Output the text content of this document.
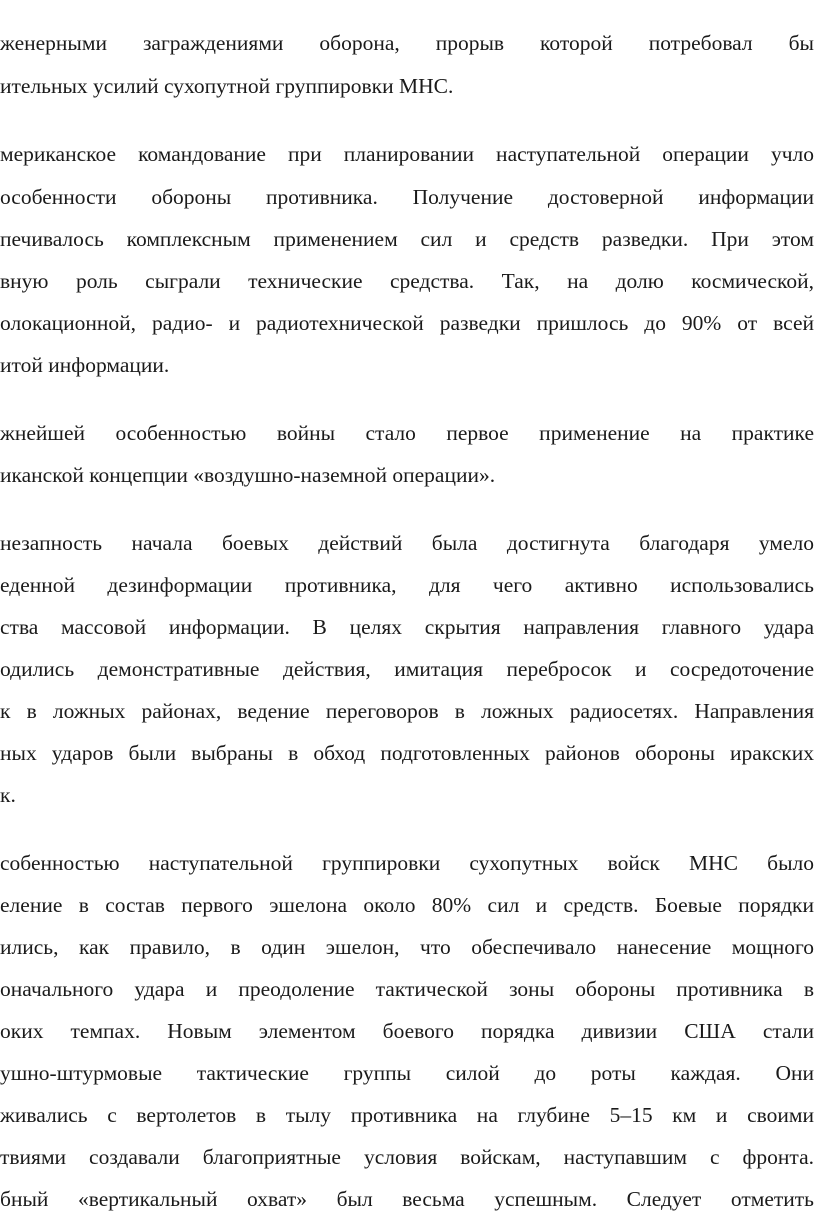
женерными заграждениями оборона, прорыв которой потребовал бы
ительных усилий сухопутной группировки МНС.
мериканское командование при планировании наступательной операции учло
особенности обороны противника. Получение достоверной информации
печивалось комплексным применением сил и средств разведки. При этом
вную роль сыграли технические средства. Так, на долю космической,
олокационной, радио- и радиотехнической разведки пришлось до 90% от всей
итой информации.
жнейшей особенностью войны стало первое применение на практике
иканской концепции «воздушно-наземной операции».
незапность начала боевых действий была достигнута благодаря умело
еденной дезинформации противника, для чего активно использовались
ства массовой информации. В целях скрытия направления главного удара
одились демонстративные действия, имитация перебросок и сосредоточение
к в ложных районах, ведение переговоров в ложных радиосетях. Направления
ных ударов были выбраны в обход подготовленных районов обороны иракских
к.
собенностью наступательной группировки сухопутных войск МНС было
еление в состав первого эшелона около 80% сил и средств. Боевые порядки
ились, как правило, в один эшелон, что обеспечивало нанесение мощного
оначального удара и преодоление тактической зоны обороны противника в
оких темпах. Новым элементом боевого порядка дивизии США стали
ушно-штурмовые тактические группы силой до роты каждая. Они
живались с вертолетов в тылу противника на глубине 5–15 км и своими
твиями создавали благоприятные условия войскам, наступавшим с фронта.
бный «вертикальный охват» был весьма успешным. Следует отметить
